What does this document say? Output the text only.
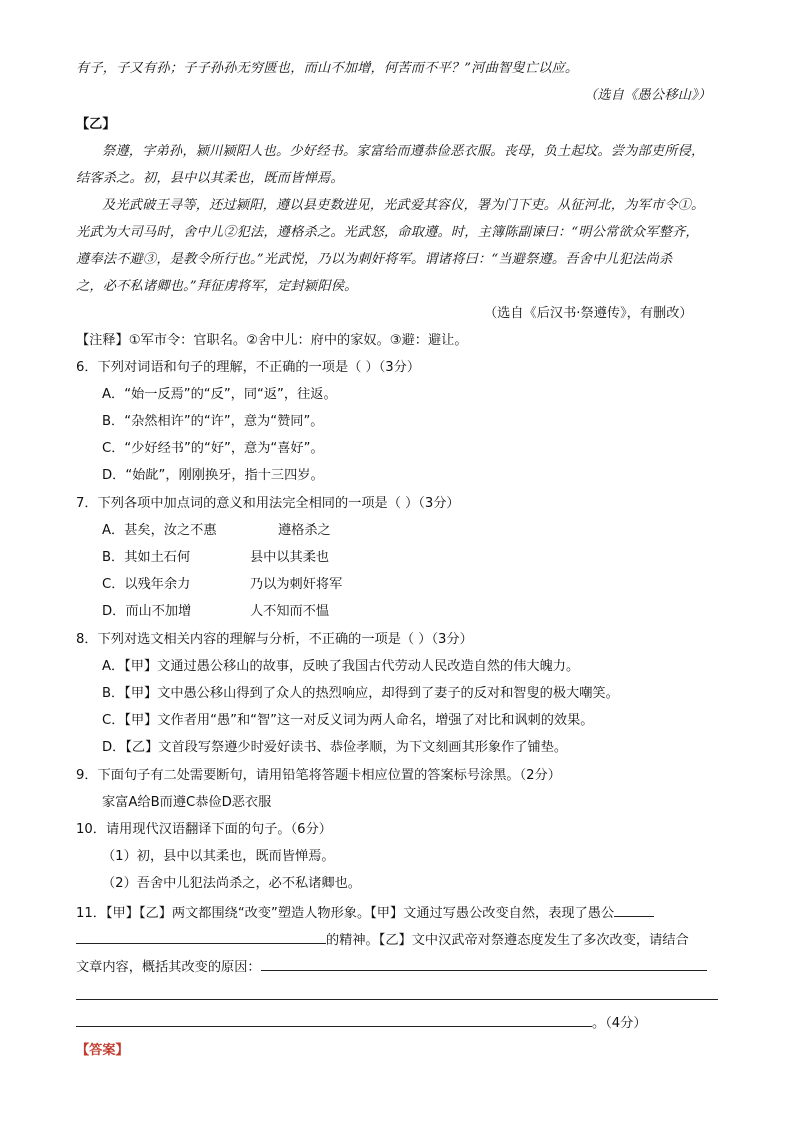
有子，子又有孙；子子孙孙无穷匮也，而山不加增，何苦而不平？”河曲智叟亡以应。
（选自《愚公移山》）
【乙】
祭遵，字弟孙，颍川颍阳人也。少好经书。家富给而遵恭俭恶衣服。丧母，负土起坟。尝为部吏所侵，
结客杀之。初，县中以其柔也，既而皆惮焉。
及光武破王寻等，还过颍阳，遵以县吏数进见，光武爱其容仪，署为门下吏。从征河北，为军市令①。
光武为大司马时，舍中儿②犯法，遵格杀之。光武怒，命取遵。时，主簿陈副谏曰：“明公常欲众军整齐，
遵奉法不避③，是教令所行也。”光武悦，乃以为刺奸将军。谓诸将曰：“当避祭遵。吾舍中儿犯法尚杀
之，必不私诸卿也。”拜征虏将军，定封颍阳侯。
（选自《后汉书·祭遵传》，有删改）
【注释】①军市令：官职名。②舍中儿：府中的家奴。③避：避让。
6．下列对词语和句子的理解，不正确的一项是（ ）（3分）
A．“始一反焉”的“反”，同“返”，往返。
B．“杂然相许”的“许”，意为“赞同”。
C．“少好经书”的“好”，意为“喜好”。
D．“始龀”，刚刚换牙，指十三四岁。
7．下列各项中加点词的意义和用法完全相同的一项是（ ）（3分）
A．甚矣，汝之不惠	遵格杀之
B．其如土石何	县中以其柔也
C．以残年余力	乃以为刺奸将军
D．而山不加增	人不知而不愠
8．下列对选文相关内容的理解与分析，不正确的一项是（ ）（3分）
A．【甲】文通过愚公移山的故事，反映了我国古代劳动人民改造自然的伟大魄力。
B．【甲】文中愚公移山得到了众人的热烈响应，却得到了妻子的反对和智叟的极大嘲笑。
C．【甲】文作者用“愚”和“智”这一对反义词为两人命名，增强了对比和讽刺的效果。
D．【乙】文首段写祭遵少时爱好读书、恭俭孝顺，为下文刻画其形象作了铺垫。
9．下面句子有二处需要断句，请用铅笔将答题卡相应位置的答案标号涂黑。（2分）
家富A给B而遵C恭俭D恶衣服
10．请用现代汉语翻译下面的句子。（6分）
（1）初，县中以其柔也，既而皆惮焉。
（2）吾舍中儿犯法尚杀之，必不私诸卿也。
11．【甲】【乙】两文都围绕“改变”塑造人物形象。【甲】文通过写愚公改变自然，表现了愚公
的精神。【乙】文中汉武帝对祭遵态度发生了多次改变，请结合
文章内容，概括其改变的原因：
。（4分）
【答案】
